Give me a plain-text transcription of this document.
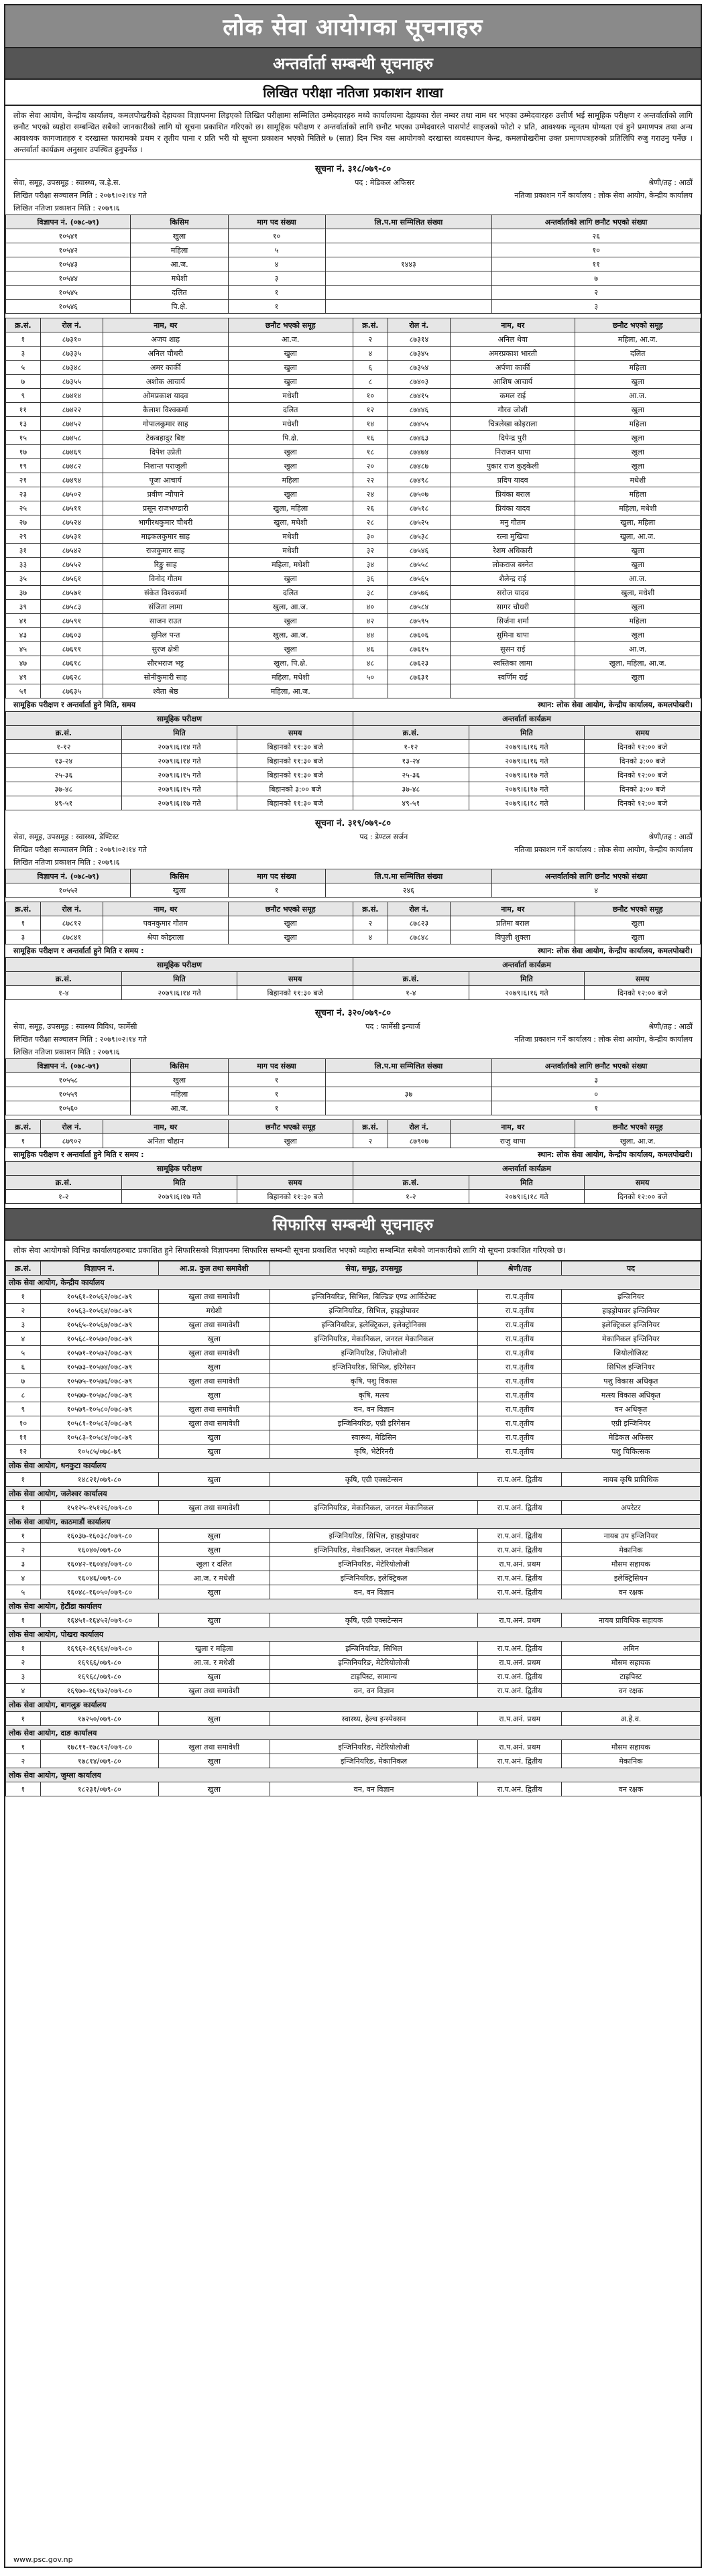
लोक सेवा आयोगका सूचनाहरु
अन्तर्वार्ता सम्बन्धी सूचनाहरु
लिखित परीक्षा नतिजा प्रकाशन शाखा
लोक सेवा आयोग, केन्द्रीय कार्यालय, कमलपोखरीको देहायका विज्ञापनमा लिइएको लिखित परीक्षामा सम्मिलित उम्मेदवारहरु मध्ये कार्यालयमा देहायका रोल नम्बर तथा नाम थर भएका उम्मेदवारहरु उत्तीर्ण भई सामूहिक परीक्षण र अन्तर्वार्ताको लागि छनौट भएको व्यहोरा सम्बन्धित सबैको जानकारीको लागि यो सूचना प्रकाशित गरिएको छ। सामूहिक परीक्षण र अन्तर्वार्ताको लागि छनौट भएका उम्मेदवारले पासपोर्ट साइजको फोटो २ प्रति, आवश्यक न्यूनतम योग्यता एवं हुने प्रमाणपत्र तथा अन्य आवश्यक कागजातहरु र दरखास्त फारामको प्रथम र तृतीय पाना र प्रति भरी यो सूचना प्रकाशन भएको मितिले ७ (सात) दिन भित्र यस आयोगको दरखास्त व्यवस्थापन केन्द्र, कमलपोखरीमा उक्त प्रमाणपत्रहरुको प्रतिलिपि रुजु गराउनु पर्नेछ । अन्तर्वार्ता कार्यक्रम अनुसार उपस्थित हुनुपर्नेछ ।
सूचना नं. ३१८/०७९-८०
सेवा, समूह, उपसमूह : स्वास्थ्य, ज.हे.स.	पद : मेडिकल अफिसर	श्रेणी/तह : आठौं
लिखित परीक्षा सञ्चालन मिति : २०७९।०२।१४ गते	नतिजा प्रकाशन गर्ने कार्यालय : लोक सेवा आयोग, केन्द्रीय कार्यालय
लिखित नतिजा प्रकाशन मिति : २०७९।६
विज्ञापन नं. (०७८-७९)	किसिम	माग पद संख्या	लि.प.मा सम्मिलित संख्या	अन्तर्वार्ताको लागि छनौट भएको संख्या
१०५४१	खुला	१०		२६
१०५४२	महिला	५		१०
१०५४३	आ.ज.	४	१४४३	११
१०५४४	मधेशी	३		७
१०५४५	दलित	१		२
१०५४६	पि.क्षे.	१		३
क्र.सं.	रोल नं.	नाम, थर	छनौट भएको समूह	क्र.सं.	रोल नं.	नाम, थर	छनौट भएको समूह
१	८७३१०	अजय शाह	आ.ज.	२	८७३१४	अनिल थेवा	महिला, आ.ज.
३	८७३३५	अनिल चौधरी	खुला	४	८७३४५	अमरप्रकाश भारती	दलित
५	८७३४८	अमर कार्की	खुला	६	८७३५४	अर्पणा कार्की	महिला
७	८७३५५	अशोक आचार्य	खुला	८	८७४०३	आशिष आचार्य	खुला
९	८७४१४	ओमप्रकाश यादव	मधेशी	१०	८७४१५	कमल राई	आ.ज.
११	८७४२२	कैलाश विश्वकर्मा	दलित	१२	८७४४६	गौरव जोशी	खुला
१३	८७४५२	गोपालकुमार साह	मधेशी	१४	८७४५५	चित्रलेखा कोइराला	महिला
१५	८७४५८	टेकबहादुर बिष्ट	पि.क्षे.	१६	८७४६३	दिपेन्द्र पुरी	खुला
१७	८७४६९	दिपेश उप्रेती	खुला	१८	८७४७४	निराजन थापा	खुला
१९	८७४८२	निशान्त पराजुली	खुला	२०	८७४८७	पुकार राज कुड्केली	खुला
२१	८७४९४	पूजा आचार्य	महिला	२२	८७४९८	प्रदिप यादव	मधेशी
२३	८७५०२	प्रवीण न्यौपाने	खुला	२४	८७५०७	प्रियंका बराल	महिला
२५	८७५११	प्रसून राजभण्डारी	खुला, महिला	२६	८७५१८	प्रियंका यादव	महिला, मधेशी
२७	८७५२४	भागीरथकुमार चौधरी	खुला, मधेशी	२८	८७५२५	मनु गौतम	खुला, महिला
२९	८७५३१	माइकलकुमार साह	मधेशी	३०	८७५३८	रत्ना मुखिया	खुला, आ.ज.
३१	८७५४२	राजकुमार साह	मधेशी	३२	८७५४६	रेशम अधिकारी	खुला
३३	८७५५२	रिङ्कु साह	महिला, मधेशी	३४	८७५५८	लोकराज बस्नेत	खुला
३५	८७५६१	विनोद गौतम	खुला	३६	८७५६५	शैलेन्द्र राई	आ.ज.
३७	८७५७१	संकेत विश्वकर्मा	दलित	३८	८७५७६	सरोज यादव	खुला, मधेशी
३९	८७५८३	संजिता लामा	खुला, आ.ज.	४०	८७५८४	सागर चौधरी	खुला
४१	८७५९१	साजन राउत	खुला	४२	८७५९५	सिर्जना शर्मा	महिला
४३	८७६०३	सुनिल पन्त	खुला, आ.ज.	४४	८७६०६	सुमिना थापा	खुला
४५	८७६११	सुरज क्षेत्री	खुला	४६	८७६१५	सुसन राई	आ.ज.
४७	८७६१८	सौरभराज भट्ट	खुला, पि.क्षे.	४८	८७६२३	स्वस्तिका लामा	खुला, महिला, आ.ज.
४९	८७६२८	सोनीकुमारी साह	महिला, मधेशी	५०	८७६३१	स्वर्णिम राई	खुला
५१	८७६३५	श्वेता श्रेष्ठ	महिला, आ.ज.				
सामूहिक परीक्षण र अन्तर्वार्ता हुने मिति, समय	स्थान: लोक सेवा आयोग, केन्द्रीय कार्यालय, कमलपोखरी।
सामूहिक परीक्षण			अन्तर्वार्ता कार्यक्रम		
क्र.सं.	मिति	समय	क्र.सं.	मिति	समय
१-१२	२०७९।६।१४ गते	बिहानको ११:३० बजे	१-१२	२०७९।६।१६ गते	दिनको १२:०० बजे
१३-२४	२०७९।६।१४ गते	बिहानको ११:३० बजे	१३-२४	२०७९।६।१६ गते	दिनको ३:०० बजे
२५-३६	२०७९।६।१५ गते	बिहानको ११:३० बजे	२५-३६	२०७९।६।१७ गते	दिनको १२:०० बजे
३७-४८	२०७९।६।१५ गते	बिहानको ३:०० बजे	३७-४८	२०७९।६।१७ गते	दिनको ३:०० बजे
४९-५१	२०७९।६।१७ गते	बिहानको ११:३० बजे	४९-५१	२०७९।६।१८ गते	दिनको १२:०० बजे
सूचना नं. ३१९/०७९-८०
सेवा, समूह, उपसमूह : स्वास्थ्य, डेण्टिस्ट	पद : डेण्टल सर्जन	श्रेणी/तह : आठौं
लिखित परीक्षा सञ्चालन मिति : २०७९।०२।१४ गते	नतिजा प्रकाशन गर्ने कार्यालय : लोक सेवा आयोग, केन्द्रीय कार्यालय
लिखित नतिजा प्रकाशन मिति : २०७९।६
विज्ञापन नं. (०७८-७९)	किसिम	माग पद संख्या	लि.प.मा सम्मिलित संख्या	अन्तर्वार्ताको लागि छनौट भएको संख्या
१०५५२	खुला	१	२४६	४
क्र.सं.	रोल नं.	नाम, थर	छनौट भएको समूह	क्र.सं.	रोल नं.	नाम, थर	छनौट भएको समूह
१	८७८१२	पवनकुमार गौतम	खुला	२	८७८२३	प्रतिमा बराल	खुला
३	८७८४१	श्रेया कोइराला	खुला	४	८७८४८	विपुली शुक्ला	खुला
सामूहिक परीक्षण र अन्तर्वार्ता हुने मिति र समय :	स्थान: लोक सेवा आयोग, केन्द्रीय कार्यालय, कमलपोखरी।
सामूहिक परीक्षण			अन्तर्वार्ता कार्यक्रम		
क्र.सं.	मिति	समय	क्र.सं.	मिति	समय
१-४	२०७९।६।१४ गते	बिहानको ११:३० बजे	१-४	२०७९।६।१६ गते	दिनको १२:०० बजे
सूचना नं. ३२०/०७९-८०
सेवा, समूह, उपसमूह : स्वास्थ्य विविध, फार्मेसी	पद : फार्मेसी इन्चार्ज	श्रेणी/तह : आठौं
लिखित परीक्षा सञ्चालन मिति : २०७९।०२।१४ गते	नतिजा प्रकाशन गर्ने कार्यालय : लोक सेवा आयोग, केन्द्रीय कार्यालय
लिखित नतिजा प्रकाशन मिति : २०७९।६
विज्ञापन नं. (०७८-७९)	किसिम	माग पद संख्या	लि.प.मा सम्मिलित संख्या	अन्तर्वार्ताको लागि छनौट भएको संख्या
१०५५८	खुला	१		३
१०५५९	महिला	१	३७	०
१०५६०	आ.ज.	१		१
क्र.सं.	रोल नं.	नाम, थर	छनौट भएको समूह	क्र.सं.	रोल नं.	नाम, थर	छनौट भएको समूह
१	८७९०२	अनिता चौहान	खुला	२	८७९०७	राजु थापा	खुला, आ.ज.
सामूहिक परीक्षण र अन्तर्वार्ता हुने मिति र समय :	स्थान: लोक सेवा आयोग, केन्द्रीय कार्यालय, कमलपोखरी।
सामूहिक परीक्षण			अन्तर्वार्ता कार्यक्रम		
क्र.सं.	मिति	समय	क्र.सं.	मिति	समय
१-२	२०७९।६।१७ गते	बिहानको ११:३० बजे	१-२	२०७९।६।१८ गते	दिनको १२:०० बजे
सिफारिस सम्बन्धी सूचनाहरु
लोक सेवा आयोगको विभिन्न कार्यालयहरुबाट प्रकाशित हुने सिफारिसको विज्ञापनमा सिफारिस सम्बन्धी सूचना प्रकाशित भएको व्यहोरा सम्बन्धित सबैको जानकारीको लागि यो सूचना प्रकाशित गरिएको छ।
क्र.सं.	विज्ञापन नं.	आ.प्र. कुल तथा समावेशी	सेवा, समूह, उपसमूह	श्रेणी/तह	पद
लोक सेवा आयोग, केन्द्रीय कार्यालय					
१	१०५६१-१०५६२/०७८-७९	खुला तथा समावेशी	इन्जिनियरिङ, सिभिल, बिल्डिङ एण्ड आर्किटेक्ट	रा.प.तृतीय	इन्जिनियर
२	१०५६३-१०५६४/०७८-७९	मधेशी	इन्जिनियरिङ, सिभिल, हाइड्रोपावर	रा.प.तृतीय	हाइड्रोपावर इन्जिनियर
३	१०५६५-१०५६७/०७८-७९	खुला तथा समावेशी	इन्जिनियरिङ, इलेक्ट्रिकल, इलेक्ट्रोनिक्स	रा.प.तृतीय	इलेक्ट्रिकल इन्जिनियर
४	१०५६८-१०५७०/०७८-७९	खुला	इन्जिनियरिङ, मेकानिकल, जनरल मेकानिकल	रा.प.तृतीय	मेकानिकल इन्जिनियर
५	१०५७१-१०५७२/०७८-७९	खुला तथा समावेशी	इन्जिनियरिङ, जियोलोजी	रा.प.तृतीय	जियोलोजिस्ट
६	१०५७३-१०५७४/०७८-७९	खुला	इन्जिनियरिङ, सिभिल, इरिगेसन	रा.प.तृतीय	सिभिल इन्जिनियर
७	१०५७५-१०५७६/०७८-७९	खुला तथा समावेशी	कृषि, पशु विकास	रा.प.तृतीय	पशु विकास अधिकृत
८	१०५७७-१०५७८/०७८-७९	खुला	कृषि, मत्स्य	रा.प.तृतीय	मत्स्य विकास अधिकृत
९	१०५७९-१०५८०/०७८-७९	खुला तथा समावेशी	वन, वन विज्ञान	रा.प.तृतीय	वन अधिकृत
१०	१०५८१-१०५८२/०७८-७९	खुला तथा समावेशी	इन्जिनियरिङ, एग्री इरिगेसन	रा.प.तृतीय	एग्री इन्जिनियर
११	१०५८३-१०५८४/०७८-७९	खुला	स्वास्थ्य, मेडिसिन	रा.प.तृतीय	मेडिकल अफिसर
१२	१०५८५/०७८-७९	खुला	कृषि, भेटेरिनरी	रा.प.तृतीय	पशु चिकित्सक
लोक सेवा आयोग, धनकुटा कार्यालय					
१	१४८२१/०७९-८०	खुला	कृषि, एग्री एक्सटेन्सन	रा.प.अनं. द्वितीय	नायब कृषि प्राविधिक
लोक सेवा आयोग, जलेश्वर कार्यालय					
१	१५१२५-१५१२६/०७९-८०	खुला तथा समावेशी	इन्जिनियरिङ, मेकानिकल, जनरल मेकानिकल	रा.प.अनं. द्वितीय	अपरेटर
लोक सेवा आयोग, काठमाडौं कार्यालय					
१	१६०३७-१६०३८/०७९-८०	खुला	इन्जिनियरिङ, सिभिल, हाइड्रोपावर	रा.प.अनं. द्वितीय	नायब उप इन्जिनियर
२	१६०४०/०७९-८०	खुला	इन्जिनियरिङ, मेकानिकल, जनरल मेकानिकल	रा.प.अनं. द्वितीय	मेकानिक
३	१६०४२-१६०४४/०७९-८०	खुला र दलित	इन्जिनियरिङ, मेटेरियोलोजी	रा.प.अनं. प्रथम	मौसम सहायक
४	१६०४६/०७९-८०	आ.ज. र मधेशी	इन्जिनियरिङ, इलेक्ट्रिकल	रा.प.अनं. द्वितीय	इलेक्ट्रिसियन
५	१६०४८-१६०५०/०७९-८०	खुला	वन, वन विज्ञान	रा.प.अनं. द्वितीय	वन रक्षक
लोक सेवा आयोग, हेटौंडा कार्यालय					
१	१६४५१-१६४५२/०७९-८०	खुला	कृषि, एग्री एक्सटेन्सन	रा.प.अनं. प्रथम	नायब प्राविधिक सहायक
लोक सेवा आयोग, पोखरा कार्यालय					
१	१६९६२-१६९६४/०७९-८०	खुला र महिला	इन्जिनियरिङ, सिभिल	रा.प.अनं. द्वितीय	अमिन
२	१६९६६/०७९-८०	आ.ज. र मधेशी	इन्जिनियरिङ, मेटेरियोलोजी	रा.प.अनं. प्रथम	मौसम सहायक
३	१६९६८/०७९-८०	खुला	टाइपिस्ट, सामान्य	रा.प.अनं. द्वितीय	टाइपिस्ट
४	१६९७०-१६९७२/०७९-८०	खुला तथा समावेशी	वन, वन विज्ञान	रा.प.अनं. द्वितीय	वन रक्षक
लोक सेवा आयोग, बागलुङ कार्यालय					
१	१७२५०/०७९-८०	खुला	स्वास्थ्य, हेल्थ इन्स्पेक्सन	रा.प.अनं. प्रथम	अ.हे.व.
लोक सेवा आयोग, दाङ कार्यालय					
१	१७८११-१७८१२/०७९-८०	खुला तथा समावेशी	इन्जिनियरिङ, मेटेरियोलोजी	रा.प.अनं. प्रथम	मौसम सहायक
२	१७८१४/०७९-८०	खुला	इन्जिनियरिङ, मेकानिकल	रा.प.अनं. द्वितीय	मेकानिक
लोक सेवा आयोग, जुम्ला कार्यालय					
१	१८२३१/०७९-८०	खुला	वन, वन विज्ञान	रा.प.अनं. द्वितीय	वन रक्षक
www.psc.gov.np
